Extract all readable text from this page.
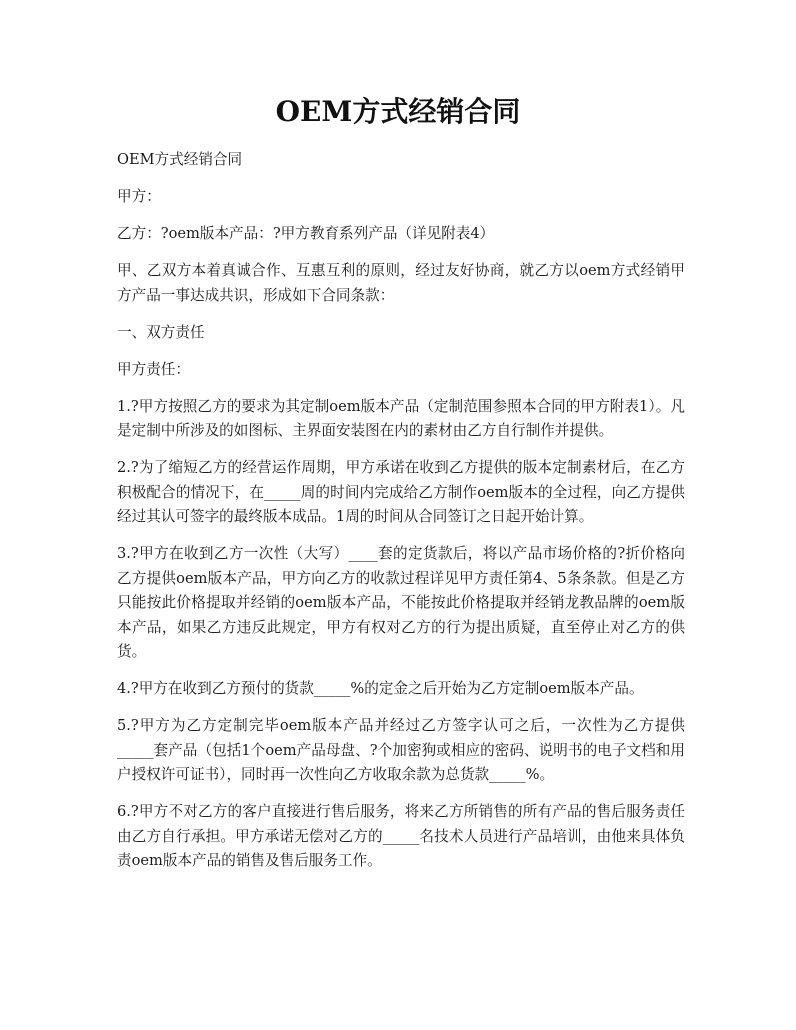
OEM方式经销合同

OEM方式经销合同

甲方：

乙方：?oem版本产品：?甲方教育系列产品（详见附表4）

甲、乙双方本着真诚合作、互惠互利的原则，经过友好协商，就乙方以oem方式经销甲方产品一事达成共识，形成如下合同条款：

一、双方责任

甲方责任：

1.?甲方按照乙方的要求为其定制oem版本产品（定制范围参照本合同的甲方附表1）。凡是定制中所涉及的如图标、主界面安装图在内的素材由乙方自行制作并提供。

2.?为了缩短乙方的经营运作周期，甲方承诺在收到乙方提供的版本定制素材后，在乙方积极配合的情况下，在_____周的时间内完成给乙方制作oem版本的全过程，向乙方提供经过其认可签字的最终版本成品。1周的时间从合同签订之日起开始计算。

3.?甲方在收到乙方一次性（大写）____套的定货款后，将以产品市场价格的?折价格向乙方提供oem版本产品，甲方向乙方的收款过程详见甲方责任第4、5条条款。但是乙方只能按此价格提取并经销的oem版本产品，不能按此价格提取并经销龙教品牌的oem版本产品，如果乙方违反此规定，甲方有权对乙方的行为提出质疑，直至停止对乙方的供货。

4.?甲方在收到乙方预付的货款_____%的定金之后开始为乙方定制oem版本产品。

5.?甲方为乙方定制完毕oem版本产品并经过乙方签字认可之后，一次性为乙方提供_____套产品（包括1个oem产品母盘、?个加密狗或相应的密码、说明书的电子文档和用户授权许可证书），同时再一次性向乙方收取余款为总货款_____%。

6.?甲方不对乙方的客户直接进行售后服务，将来乙方所销售的所有产品的售后服务责任由乙方自行承担。甲方承诺无偿对乙方的_____名技术人员进行产品培训，由他来具体负责oem版本产品的销售及售后服务工作。
